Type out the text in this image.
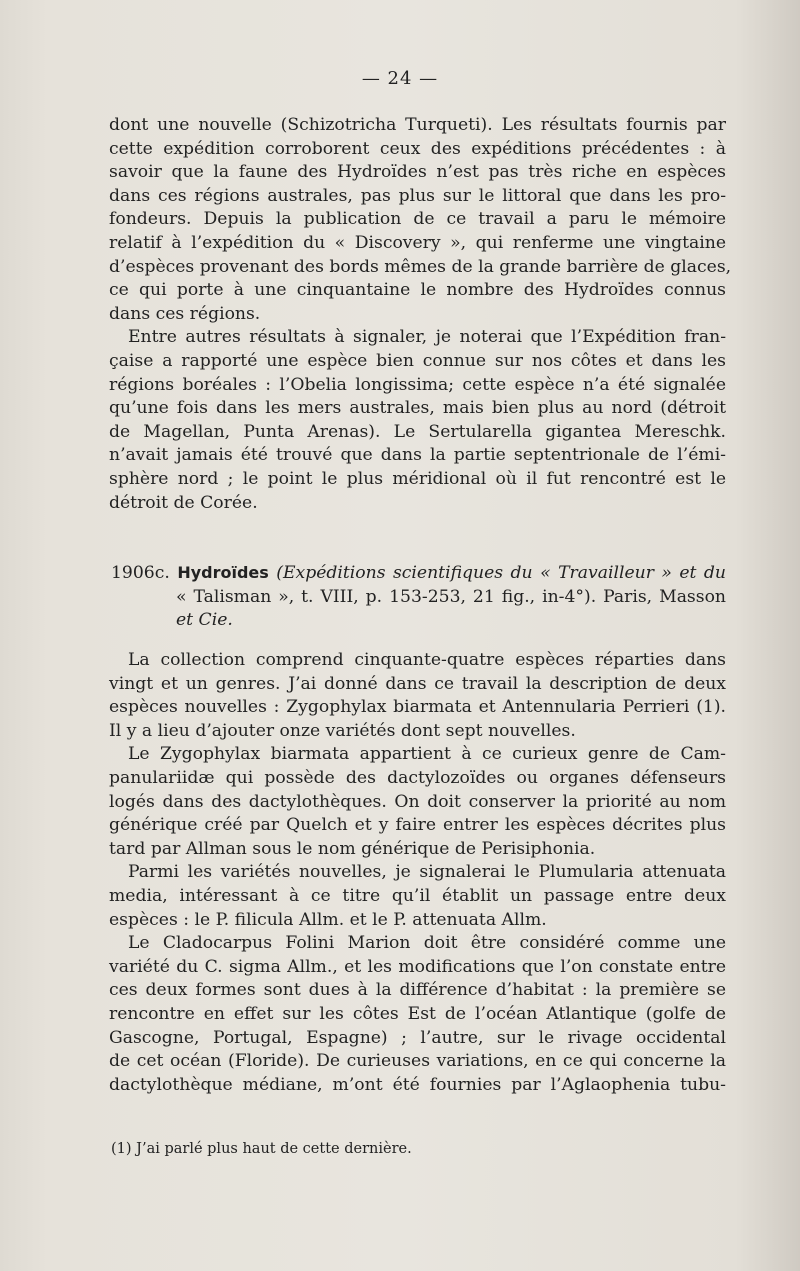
— 24 —
dont une nouvelle (Schizotricha Turqueti). Les résultats fournis par
cette expédition corroborent ceux des expéditions précédentes : à
savoir que la faune des Hydroïdes n’est pas très riche en espèces
dans ces régions australes, pas plus sur le littoral que dans les pro-
fondeurs. Depuis la publication de ce travail a paru le mémoire
relatif à l’expédition du « Discovery », qui renferme une vingtaine
d’espèces provenant des bords mêmes de la grande barrière de glaces,
ce qui porte à une cinquantaine le nombre des Hydroïdes connus
dans ces régions.
Entre autres résultats à signaler, je noterai que l’Expédition fran-
çaise a rapporté une espèce bien connue sur nos côtes et dans les
régions boréales : l’Obelia longissima; cette espèce n’a été signalée
qu’une fois dans les mers australes, mais bien plus au nord (détroit
de Magellan, Punta Arenas). Le Sertularella gigantea Mereschk.
n’avait jamais été trouvé que dans la partie septentrionale de l’émi-
sphère nord ; le point le plus méridional où il fut rencontré est le
détroit de Corée.
1906c. Hydroïdes (Expéditions scientifiques du « Travailleur » et du
« Talisman », t. VIII, p. 153-253, 21 fig., in-4°). Paris, Masson
et Cie.
La collection comprend cinquante-quatre espèces réparties dans
vingt et un genres. J’ai donné dans ce travail la description de deux
espèces nouvelles : Zygophylax biarmata et Antennularia Perrieri (1).
Il y a lieu d’ajouter onze variétés dont sept nouvelles.
Le Zygophylax biarmata appartient à ce curieux genre de Cam-
panulariidæ qui possède des dactylozoïdes ou organes défenseurs
logés dans des dactylothèques. On doit conserver la priorité au nom
générique créé par Quelch et y faire entrer les espèces décrites plus
tard par Allman sous le nom générique de Perisiphonia.
Parmi les variétés nouvelles, je signalerai le Plumularia attenuata
media, intéressant à ce titre qu’il établit un passage entre deux
espèces : le P. filicula Allm. et le P. attenuata Allm.
Le Cladocarpus Folini Marion doit être considéré comme une
variété du C. sigma Allm., et les modifications que l’on constate entre
ces deux formes sont dues à la différence d’habitat : la première se
rencontre en effet sur les côtes Est de l’océan Atlantique (golfe de
Gascogne, Portugal, Espagne) ; l’autre, sur le rivage occidental
de cet océan (Floride). De curieuses variations, en ce qui concerne la
dactylothèque médiane, m’ont été fournies par l’Aglaophenia tubu-
(1) J’ai parlé plus haut de cette dernière.
